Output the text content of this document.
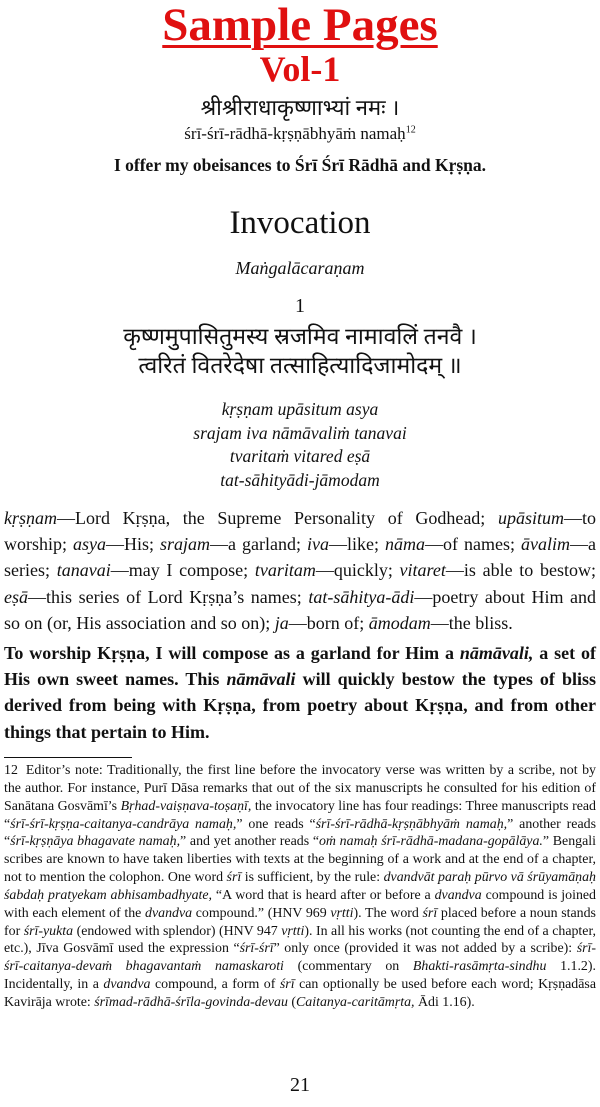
Sample Pages
Vol-1
श्रीश्रीराधाकृष्णाभ्यां नमः ।
śrī-śrī-rādhā-kṛṣṇābhyāṁ namaḥ$^{12}$
I offer my obeisances to Śrī Śrī Rādhā and Kṛṣṇa.
Invocation
Maṅgalācaraṇam
1
कृष्णमुपासितुमस्य स्रजमिव नामावलिं तनवै ।
त्वरितं वितरेदेषा तत्साहित्यादिजामोदम् ॥
kṛṣṇam upāsitum asya
srajam iva nāmāvaliṁ tanavai
tvaritaṁ vitared eṣā
tat-sāhityādi-jāmodam
kṛṣṇam—Lord Kṛṣṇa, the Supreme Personality of Godhead; upāsitum—to worship; asya—His; srajam—a garland; iva—like; nāma—of names; āvalim—a series; tanavai—may I compose; tvaritam—quickly; vitaret—is able to bestow; eṣā—this series of Lord Kṛṣṇa’s names; tat-sāhitya-ādi—poetry about Him and so on (or, His association and so on); ja—born of; āmodam—the bliss.
To worship Kṛṣṇa, I will compose as a garland for Him a nāmāvali, a set of His own sweet names. This nāmāvali will quickly bestow the types of bliss derived from being with Kṛṣṇa, from poetry about Kṛṣṇa, and from other things that pertain to Him.
12 Editor’s note: Traditionally, the first line before the invocatory verse was written by a scribe, not by the author. For instance, Purī Dāsa remarks that out of the six manuscripts he consulted for his edition of Sanātana Gosvāmī’s Bṛhad-vaiṣṇava-toṣaṇī, the invocatory line has four readings: Three manuscripts read “śrī-śrī-kṛṣṇa-caitanya-candrāya namaḥ,” one reads “śrī-śrī-rādhā-kṛṣṇābhyāṁ namaḥ,” another reads “śrī-kṛṣṇāya bhagavate namaḥ,” and yet another reads “oṁ namaḥ śrī-rādhā-madana-gopālāya.” Bengali scribes are known to have taken liberties with texts at the beginning of a work and at the end of a chapter, not to mention the colophon. One word śrī is sufficient, by the rule: dvandvāt paraḥ pūrvo vā śrūyamāṇaḥ śabdaḥ pratyekam abhisambadhyate, “A word that is heard after or before a dvandva compound is joined with each element of the dvandva compound.” (HNV 969 vṛtti). The word śrī placed before a noun stands for śrī-yukta (endowed with splendor) (HNV 947 vṛtti). In all his works (not counting the end of a chapter, etc.), Jīva Gosvāmī used the expression “śrī-śrī” only once (provided it was not added by a scribe): śrī-śrī-caitanya-devaṁ bhagavantaṁ namaskaroti (commentary on Bhakti-rasāmṛta-sindhu 1.1.2). Incidentally, in a dvandva compound, a form of śrī can optionally be used before each word; Kṛṣṇadāsa Kavirāja wrote: śrīmad-rādhā-śrīla-govinda-devau (Caitanya-caritāmṛta, Ādi 1.16).
21
